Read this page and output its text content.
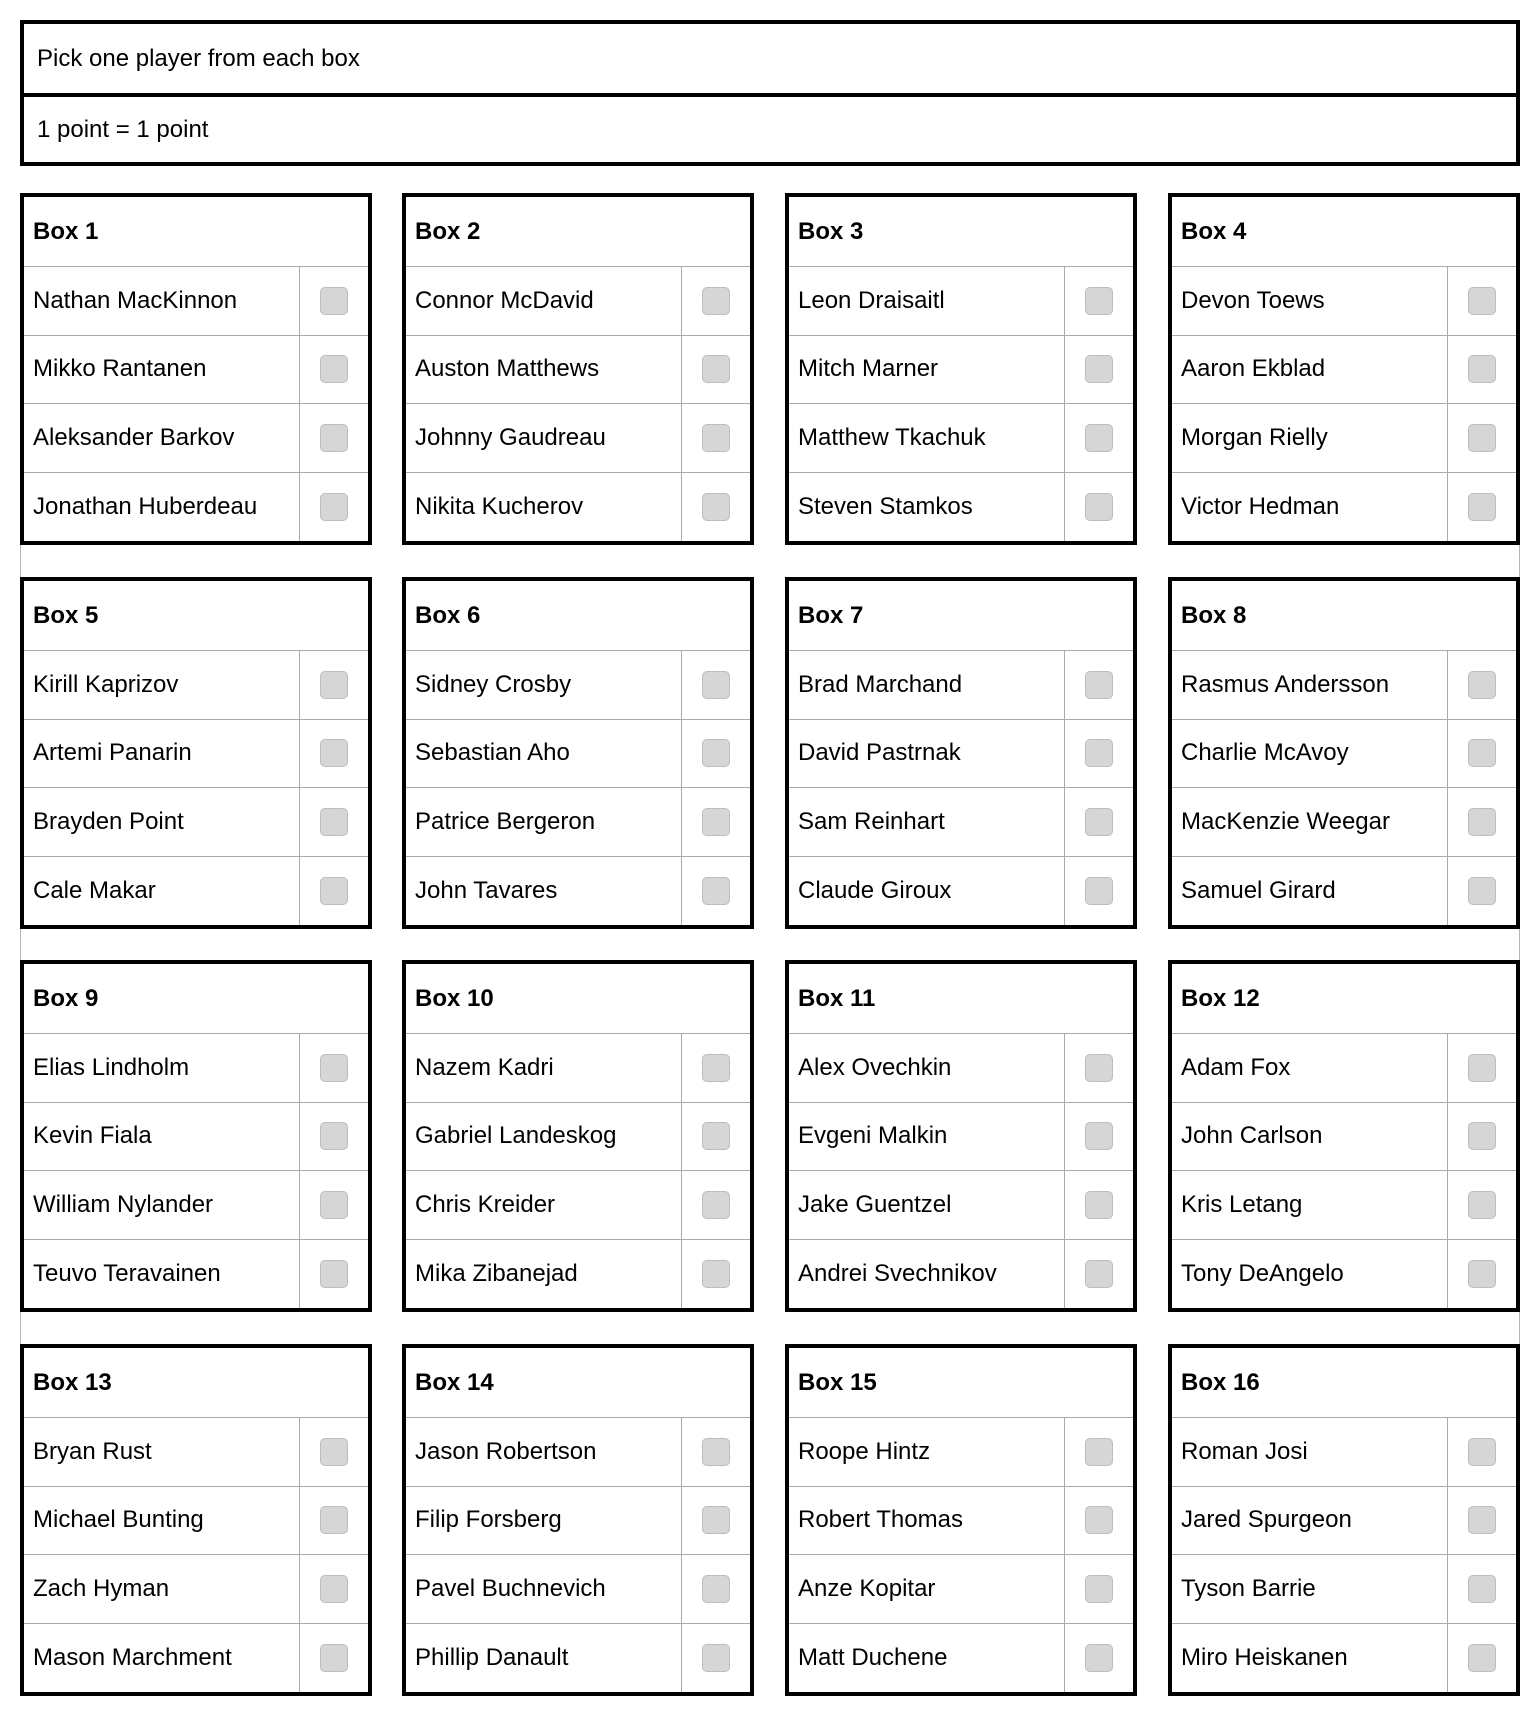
Pick one player from each box
1 point = 1 point
Box 1
Nathan MacKinnon
Mikko Rantanen
Aleksander Barkov
Jonathan Huberdeau
Box 2
Connor McDavid
Auston Matthews
Johnny Gaudreau
Nikita Kucherov
Box 3
Leon Draisaitl
Mitch Marner
Matthew Tkachuk
Steven Stamkos
Box 4
Devon Toews
Aaron Ekblad
Morgan Rielly
Victor Hedman
Box 5
Kirill Kaprizov
Artemi Panarin
Brayden Point
Cale Makar
Box 6
Sidney Crosby
Sebastian Aho
Patrice Bergeron
John Tavares
Box 7
Brad Marchand
David Pastrnak
Sam Reinhart
Claude Giroux
Box 8
Rasmus Andersson
Charlie McAvoy
MacKenzie Weegar
Samuel Girard
Box 9
Elias Lindholm
Kevin Fiala
William Nylander
Teuvo Teravainen
Box 10
Nazem Kadri
Gabriel Landeskog
Chris Kreider
Mika Zibanejad
Box 11
Alex Ovechkin
Evgeni Malkin
Jake Guentzel
Andrei Svechnikov
Box 12
Adam Fox
John Carlson
Kris Letang
Tony DeAngelo
Box 13
Bryan Rust
Michael Bunting
Zach Hyman
Mason Marchment
Box 14
Jason Robertson
Filip Forsberg
Pavel Buchnevich
Phillip Danault
Box 15
Roope Hintz
Robert Thomas
Anze Kopitar
Matt Duchene
Box 16
Roman Josi
Jared Spurgeon
Tyson Barrie
Miro Heiskanen
